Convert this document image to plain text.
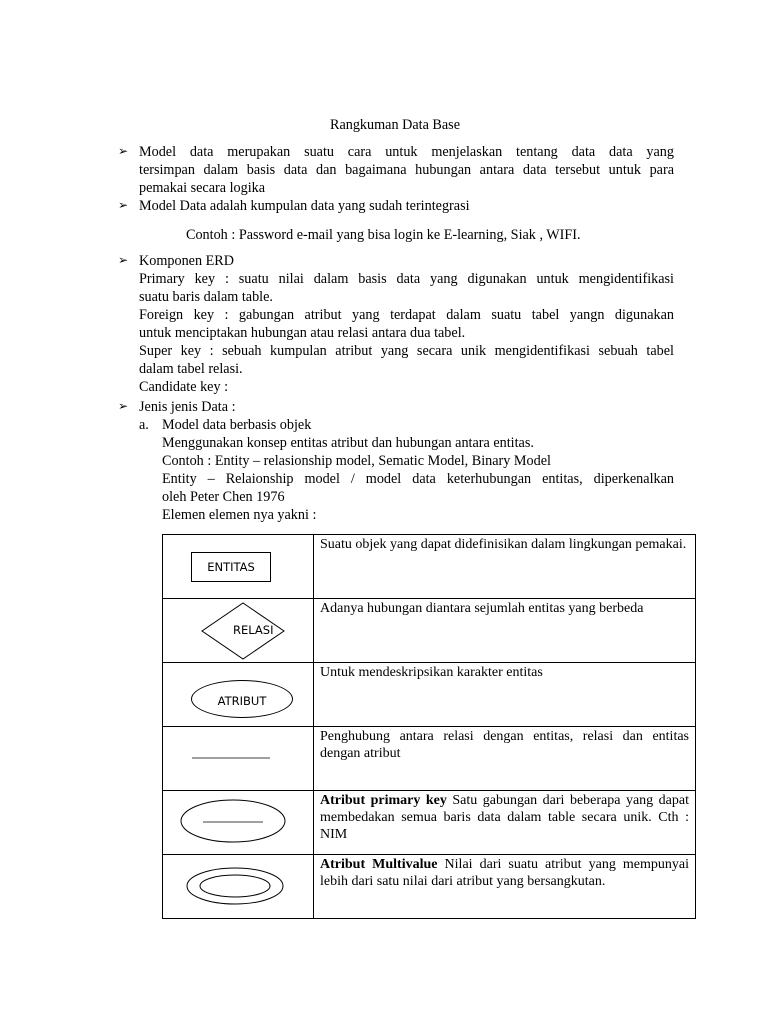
Rangkuman Data Base
➢ Model data merupakan suatu cara untuk menjelaskan tentang data data yang
tersimpan dalam basis data dan bagaimana hubungan antara data tersebut untuk para
pemakai secara logika
➢ Model Data adalah kumpulan data yang sudah terintegrasi
Contoh : Password e-mail yang bisa login ke E-learning, Siak , WIFI.
➢ Komponen ERD
Primary key : suatu nilai dalam basis data yang digunakan untuk mengidentifikasi
suatu baris dalam table.
Foreign key : gabungan atribut yang terdapat dalam suatu tabel yangn digunakan
untuk menciptakan hubungan atau relasi antara dua tabel.
Super key : sebuah kumpulan atribut yang secara unik mengidentifikasi sebuah tabel
dalam tabel relasi.
Candidate key :
➢ Jenis jenis Data :
a. Model data berbasis objek
Menggunakan konsep entitas atribut dan hubungan antara entitas.
Contoh : Entity – relasionship model, Sematic Model, Binary Model
Entity – Relaionship model / model data keterhubungan entitas, diperkenalkan
oleh Peter Chen 1976
Elemen elemen nya yakni :
ENTITAS	Suatu objek yang dapat didefinisikan dalam lingkungan pemakai.

RELASI	Adanya hubungan diantara sejumlah entitas yang berbeda

ATRIBUT	Untuk mendeskripsikan karakter entitas

	Penghubung antara relasi dengan entitas, relasi dan entitas dengan atribut

	Atribut primary key Satu gabungan dari beberapa yang dapat membedakan semua baris data dalam table secara unik. Cth : NIM

	Atribut Multivalue Nilai dari suatu atribut yang mempunyai lebih dari satu nilai dari atribut yang bersangkutan.
